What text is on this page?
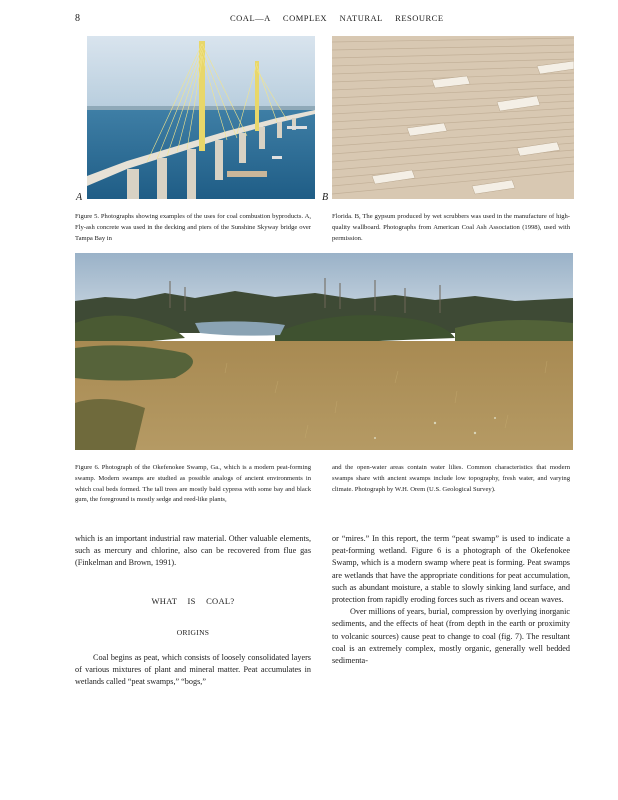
8	COAL—A COMPLEX NATURAL RESOURCE
A	B
Figure 5. Photographs showing examples of the uses for coal combustion byproducts. A, Fly-ash concrete was used in the decking and piers of the Sunshine Skyway bridge over Tampa Bay in
Florida. B, The gypsum produced by wet scrubbers was used in the manufacture of high-quality wallboard. Photographs from American Coal Ash Association (1998), used with permission.
Figure 6. Photograph of the Okefenokee Swamp, Ga., which is a modern peat-forming swamp. Modern swamps are studied as possible analogs of ancient environments in which coal beds formed. The tall trees are mostly bald cypress with some bay and black gum, the foreground is mostly sedge and reed-like plants,
and the open-water areas contain water lilies. Common characteristics that modern swamps share with ancient swamps include low topography, fresh water, and varying climate. Photograph by W.H. Orem (U.S. Geological Survey).

which is an important industrial raw material. Other valuable elements, such as mercury and chlorine, also can be recovered from flue gas (Finkelman and Brown, 1991).

WHAT IS COAL?
ORIGINS

Coal begins as peat, which consists of loosely consolidated layers of various mixtures of plant and mineral matter. Peat accumulates in wetlands called “peat swamps,” “bogs,”

or “mires.” In this report, the term “peat swamp” is used to indicate a peat-forming wetland. Figure 6 is a photograph of the Okefenokee Swamp, which is a modern swamp where peat is forming. Peat swamps are wetlands that have the appropriate conditions for peat accumulation, such as abundant moisture, a stable to slowly sinking land surface, and protection from rapidly eroding forces such as rivers and ocean waves.

Over millions of years, burial, compression by overlying inorganic sediments, and the effects of heat (from depth in the earth or proximity to volcanic sources) cause peat to change to coal (fig. 7). The resultant coal is an extremely complex, mostly organic, generally well bedded sedimenta-
